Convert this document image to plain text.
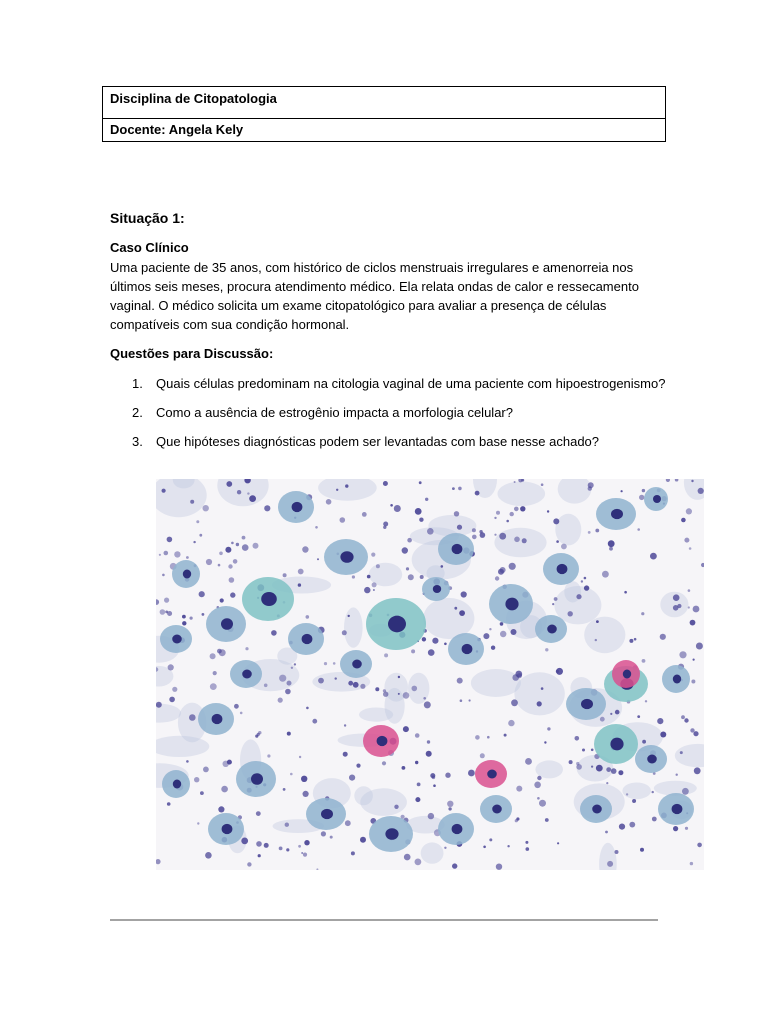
Disciplina de Citopatologia
Docente: Angela Kely
Situação 1:
Caso Clínico
Uma paciente de 35 anos, com histórico de ciclos menstruais irregulares e amenorreia nos últimos seis meses, procura atendimento médico. Ela relata ondas de calor e ressecamento vaginal. O médico solicita um exame citopatológico para avaliar a presença de células compatíveis com sua condição hormonal.
Questões para Discussão:
1. Quais células predominam na citologia vaginal de uma paciente com hipoestrogenismo?
2. Como a ausência de estrogênio impacta a morfologia celular?
3. Que hipóteses diagnósticas podem ser levantadas com base nesse achado?
